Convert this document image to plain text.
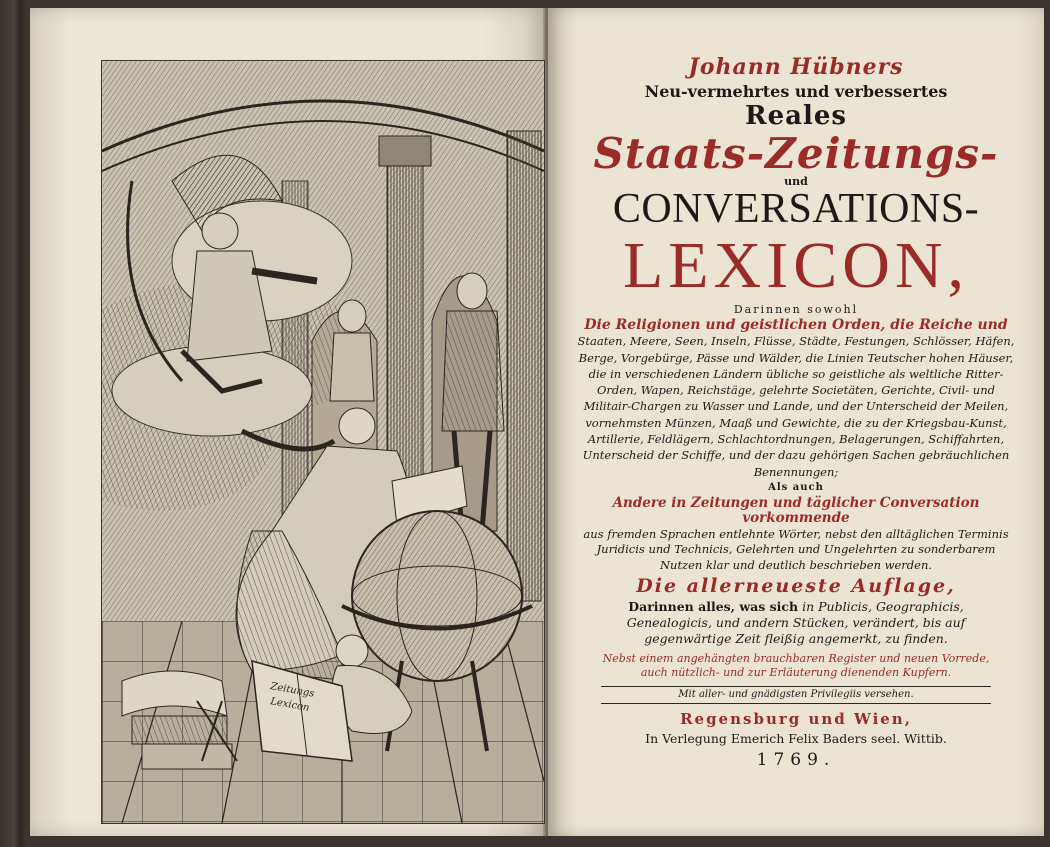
Zeitungs
Lexicon
Johann Hübners
Neu-vermehrtes und verbessertes
Reales
Staats-Zeitungs-
und
CONVERSATIONS-
LEXICON,
Darinnen sowohl
Die Religionen und geistlichen Orden, die Reiche und
Staaten, Meere, Seen, Inseln, Flüsse, Städte, Festungen, Schlösser, Häfen, Berge, Vorgebürge, Pässe und Wälder, die Linien Teutscher hohen Häuser, die in verschiedenen Ländern übliche so geistliche als weltliche Ritter-Orden, Wapen, Reichstäge, gelehrte Societäten, Gerichte, Civil- und Militair-Chargen zu Wasser und Lande, und der Unterscheid der Meilen, vornehmsten Münzen, Maaß und Gewichte, die zu der Kriegsbau-Kunst, Artillerie, Feldlägern, Schlachtordnungen, Belagerungen, Schiffahrten, Unterscheid der Schiffe, und der dazu gehörigen Sachen gebräuchlichen Benennungen;
Als auch
Andere in Zeitungen und täglicher Conversation vorkommende
aus fremden Sprachen entlehnte Wörter, nebst den alltäglichen Terminis Juridicis und Technicis, Gelehrten und Ungelehrten zu sonderbarem Nutzen klar und deutlich beschrieben werden.
Die allerneueste Auflage,
Darinnen alles, was sich in Publicis, Geographicis, Genealogicis, und andern Stücken, verändert, bis auf gegenwärtige Zeit fleißig angemerkt, zu finden.
Nebst einem angehängten brauchbaren Register und neuen Vorrede, auch nützlich- und zur Erläuterung dienenden Kupfern.
Mit aller- und gnädigsten Privilegiis versehen.
Regensburg und Wien,
In Verlegung Emerich Felix Baders seel. Wittib.
1769.
